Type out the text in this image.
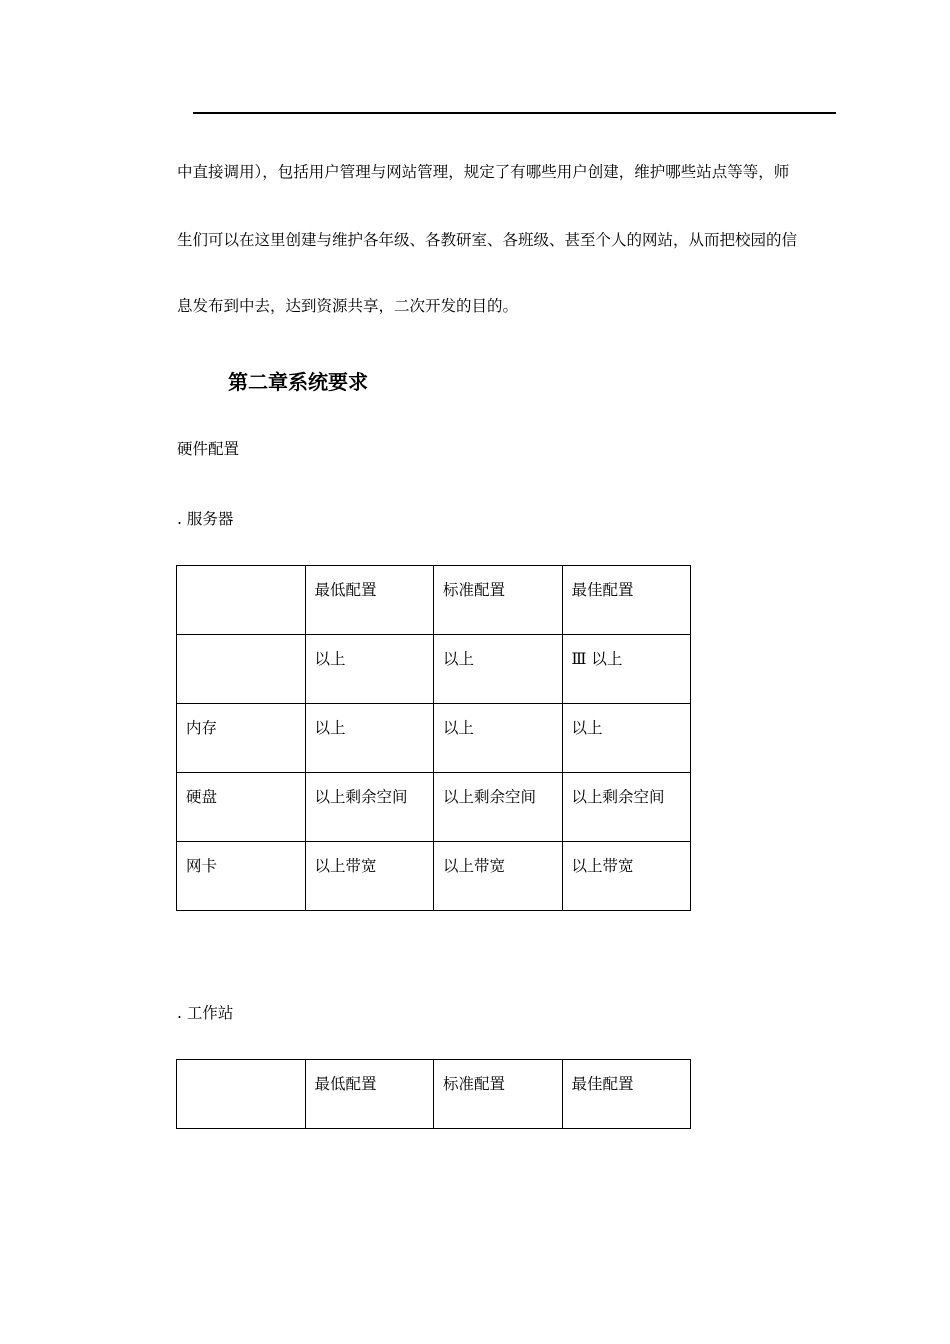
中直接调用），包括用户管理与网站管理，规定了有哪些用户创建，维护哪些站点等等，师
生们可以在这里创建与维护各年级、各教研室、各班级、甚至个人的网站，从而把校园的信
息发布到中去，达到资源共享，二次开发的目的。
第二章系统要求
硬件配置
. 服务器
	最低配置	标准配置	最佳配置
	以上	以上	Ⅲ 以上
内存	以上	以上	以上
硬盘	以上剩余空间	以上剩余空间	以上剩余空间
网卡	以上带宽	以上带宽	以上带宽
. 工作站
	最低配置	标准配置	最佳配置
